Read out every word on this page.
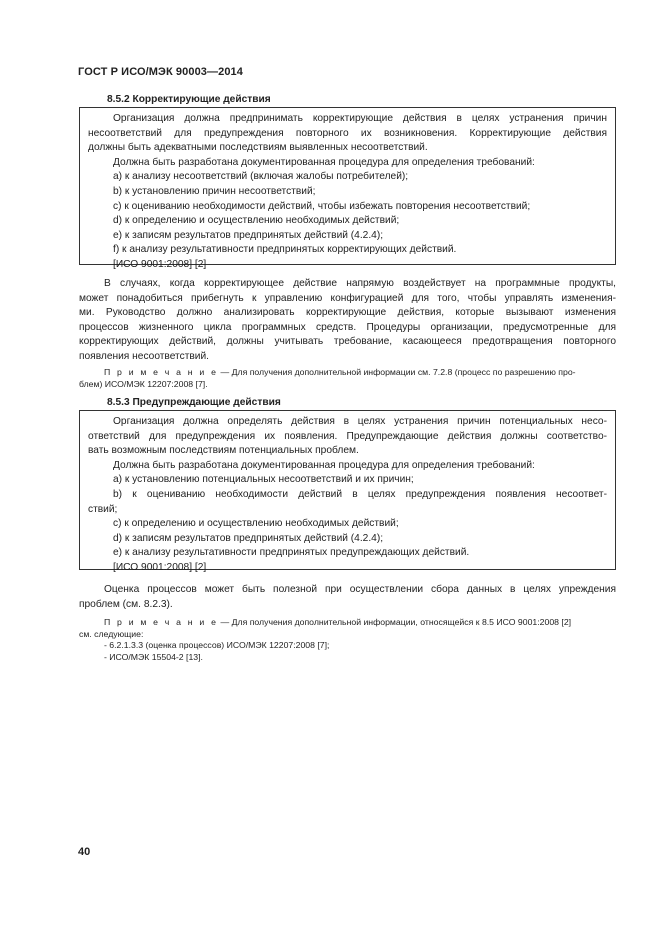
ГОСТ Р ИСО/МЭК 90003—2014
8.5.2 Корректирующие действия
Организация должна предпринимать корректирующие действия в целях устранения причин
несоответствий для предупреждения повторного их возникновения. Корректирующие действия
должны быть адекватными последствиям выявленных несоответствий.
Должна быть разработана документированная процедура для определения требований:
a) к анализу несоответствий (включая жалобы потребителей);
b) к установлению причин несоответствий;
c) к оцениванию необходимости действий, чтобы избежать повторения несоответствий;
d) к определению и осуществлению необходимых действий;
e) к записям результатов предпринятых действий (4.2.4);
f) к анализу результативности предпринятых корректирующих действий.
[ИСО 9001:2008] [2]
В случаях, когда корректирующее действие напрямую воздействует на программные продукты,
может понадобиться прибегнуть к управлению конфигурацией для того, чтобы управлять изменения-
ми. Руководство должно анализировать корректирующие действия, которые вызывают изменения
процессов жизненного цикла программных средств. Процедуры организации, предусмотренные для
корректирующих действий, должны учитывать требование, касающееся предотвращения повторного
появления несоответствий.
П р и м е ч а н и е — Для получения дополнительной информации см. 7.2.8 (процесс по разрешению про-
блем) ИСО/МЭК 12207:2008 [7].
8.5.3 Предупреждающие действия
Организация должна определять действия в целях устранения причин потенциальных несо-
ответствий для предупреждения их появления. Предупреждающие действия должны соответство-
вать возможным последствиям потенциальных проблем.
Должна быть разработана документированная процедура для определения требований:
a) к установлению потенциальных несоответствий и их причин;
b) к оцениванию необходимости действий в целях предупреждения появления несоответ-
ствий;
c) к определению и осуществлению необходимых действий;
d) к записям результатов предпринятых действий (4.2.4);
e) к анализу результативности предпринятых предупреждающих действий.
[ИСО 9001:2008] [2]
Оценка процессов может быть полезной при осуществлении сбора данных в целях упреждения
проблем (см. 8.2.3).
П р и м е ч а н и е — Для получения дополнительной информации, относящейся к 8.5 ИСО 9001:2008 [2]
см. следующие:
- 6.2.1.3.3 (оценка процессов) ИСО/МЭК 12207:2008 [7];
- ИСО/МЭК 15504-2 [13].
40
